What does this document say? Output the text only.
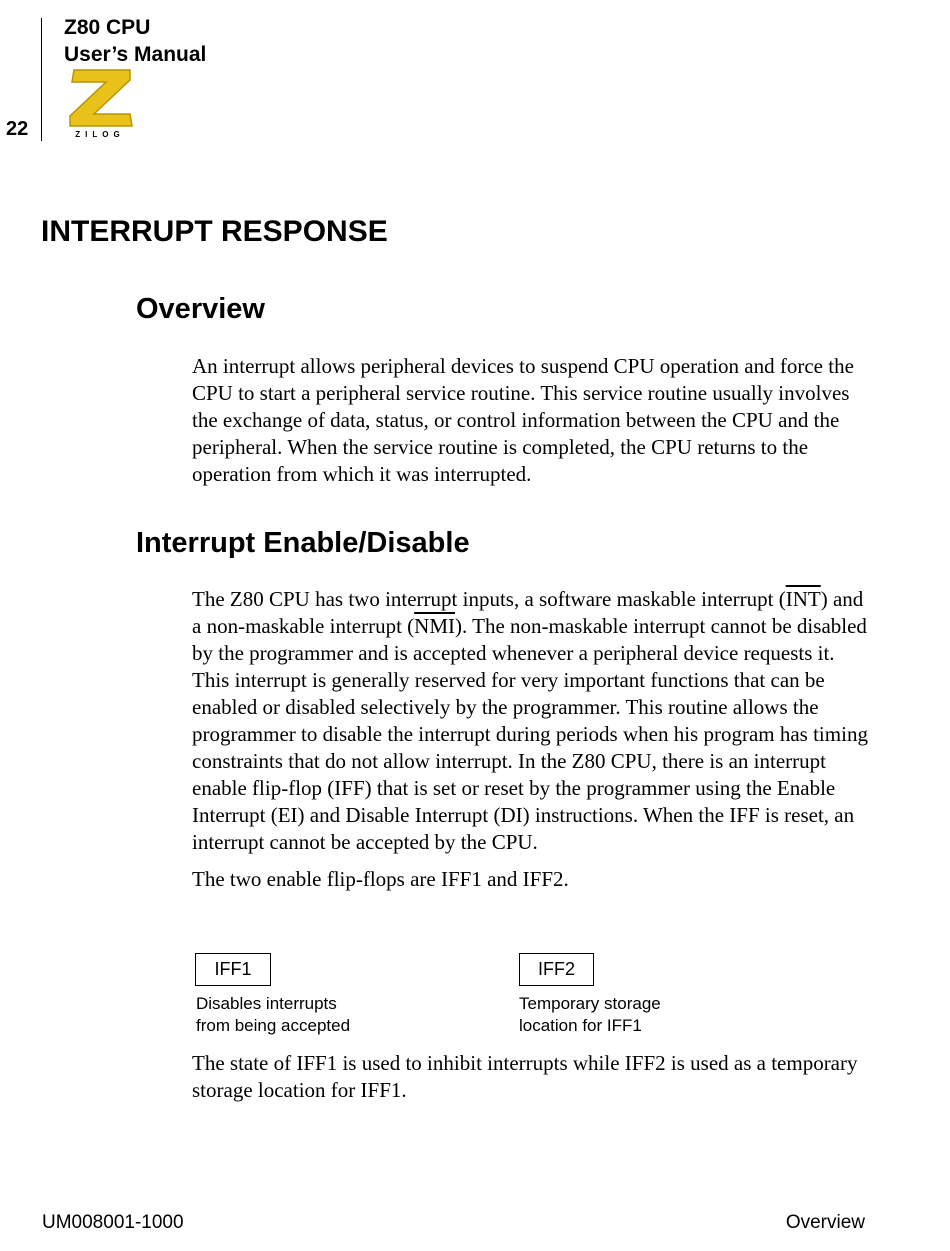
22
Z80 CPU
User’s Manual
ZILOG
INTERRUPT RESPONSE
Overview

An interrupt allows peripheral devices to suspend CPU operation and force the CPU to start a peripheral service routine. This service routine usually involves the exchange of data, status, or control information between the CPU and the peripheral. When the service routine is completed, the CPU returns to the operation from which it was interrupted.

Interrupt Enable/Disable

The Z80 CPU has two interrupt inputs, a software maskable interrupt $(\overline{INT})$ and a non-maskable interrupt $(\overline{NMI})$. The non-maskable interrupt cannot be disabled by the programmer and is accepted whenever a peripheral device requests it. This interrupt is generally reserved for very important functions that can be enabled or disabled selectively by the programmer. This routine allows the programmer to disable the interrupt during periods when his program has timing constraints that do not allow interrupt. In the Z80 CPU, there is an interrupt enable flip-flop (IFF) that is set or reset by the programmer using the Enable Interrupt (EI) and Disable Interrupt (DI) instructions. When the IFF is reset, an interrupt cannot be accepted by the CPU.

The two enable flip-flops are IFF1 and IFF2.

IFF1
Disables interrupts
from being accepted
IFF2
Temporary storage
location for IFF1

The state of IFF1 is used to inhibit interrupts while IFF2 is used as a temporary storage location for IFF1.

UM008001-1000	Overview
